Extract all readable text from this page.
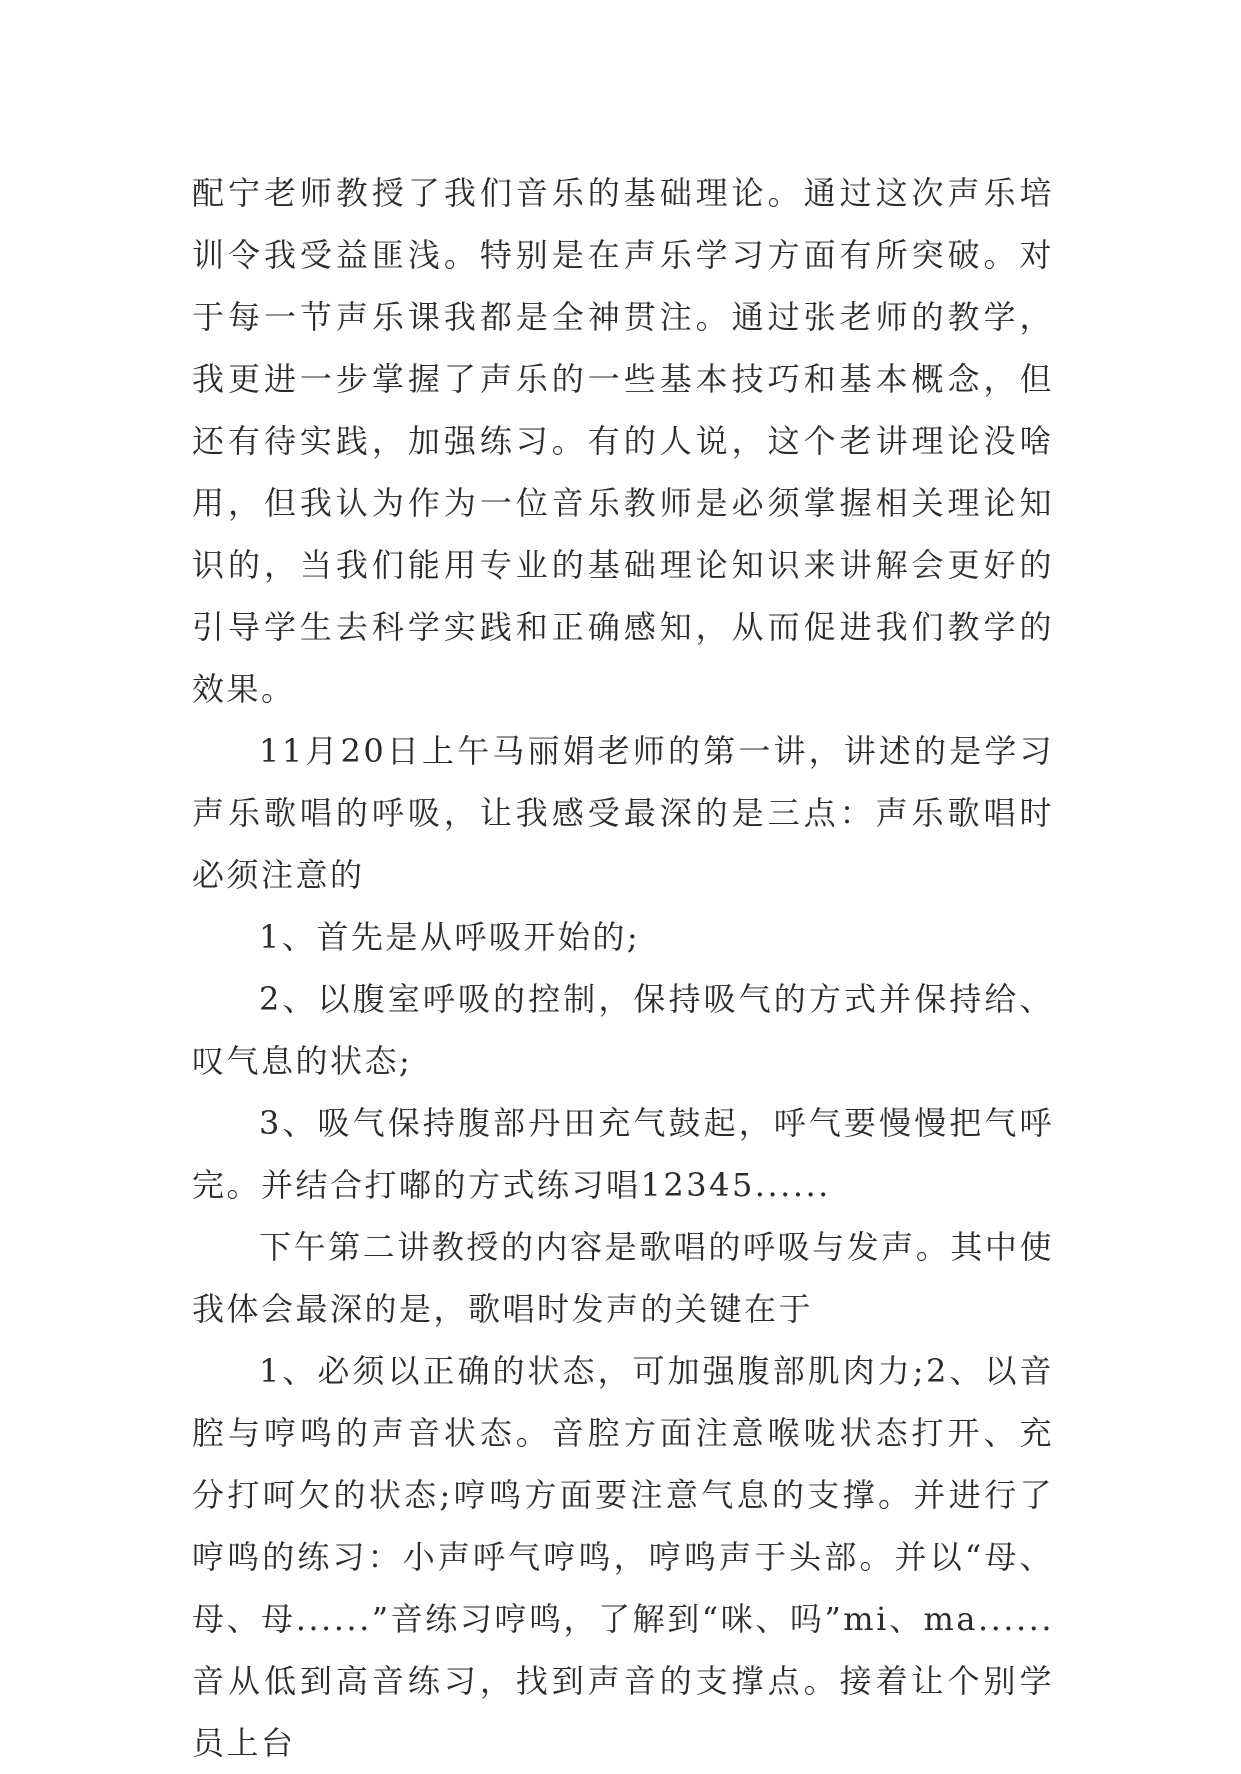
配宁老师教授了我们音乐的基础理论。通过这次声乐培训令我受益匪浅。特别是在声乐学习方面有所突破。对于每一节声乐课我都是全神贯注。通过张老师的教学，我更进一步掌握了声乐的一些基本技巧和基本概念，但还有待实践，加强练习。有的人说，这个老讲理论没啥用，但我认为作为一位音乐教师是必须掌握相关理论知识的，当我们能用专业的基础理论知识来讲解会更好的引导学生去科学实践和正确感知，从而促进我们教学的效果。

11月20日上午马丽娟老师的第一讲，讲述的是学习声乐歌唱的呼吸，让我感受最深的是三点：声乐歌唱时必须注意的

1、首先是从呼吸开始的;

2、以腹室呼吸的控制，保持吸气的方式并保持给、叹气息的状态;

3、吸气保持腹部丹田充气鼓起，呼气要慢慢把气呼完。并结合打嘟的方式练习唱12345......

下午第二讲教授的内容是歌唱的呼吸与发声。其中使我体会最深的是，歌唱时发声的关键在于

1、必须以正确的状态，可加强腹部肌肉力;2、以音腔与哼鸣的声音状态。音腔方面注意喉咙状态打开、充分打呵欠的状态;哼鸣方面要注意气息的支撑。并进行了哼鸣的练习：小声呼气哼鸣，哼鸣声于头部。并以“母、母、母......”音练习哼鸣，了解到“咪、吗”mi、ma......音从低到高音练习，找到声音的支撑点。接着让个别学员上台
